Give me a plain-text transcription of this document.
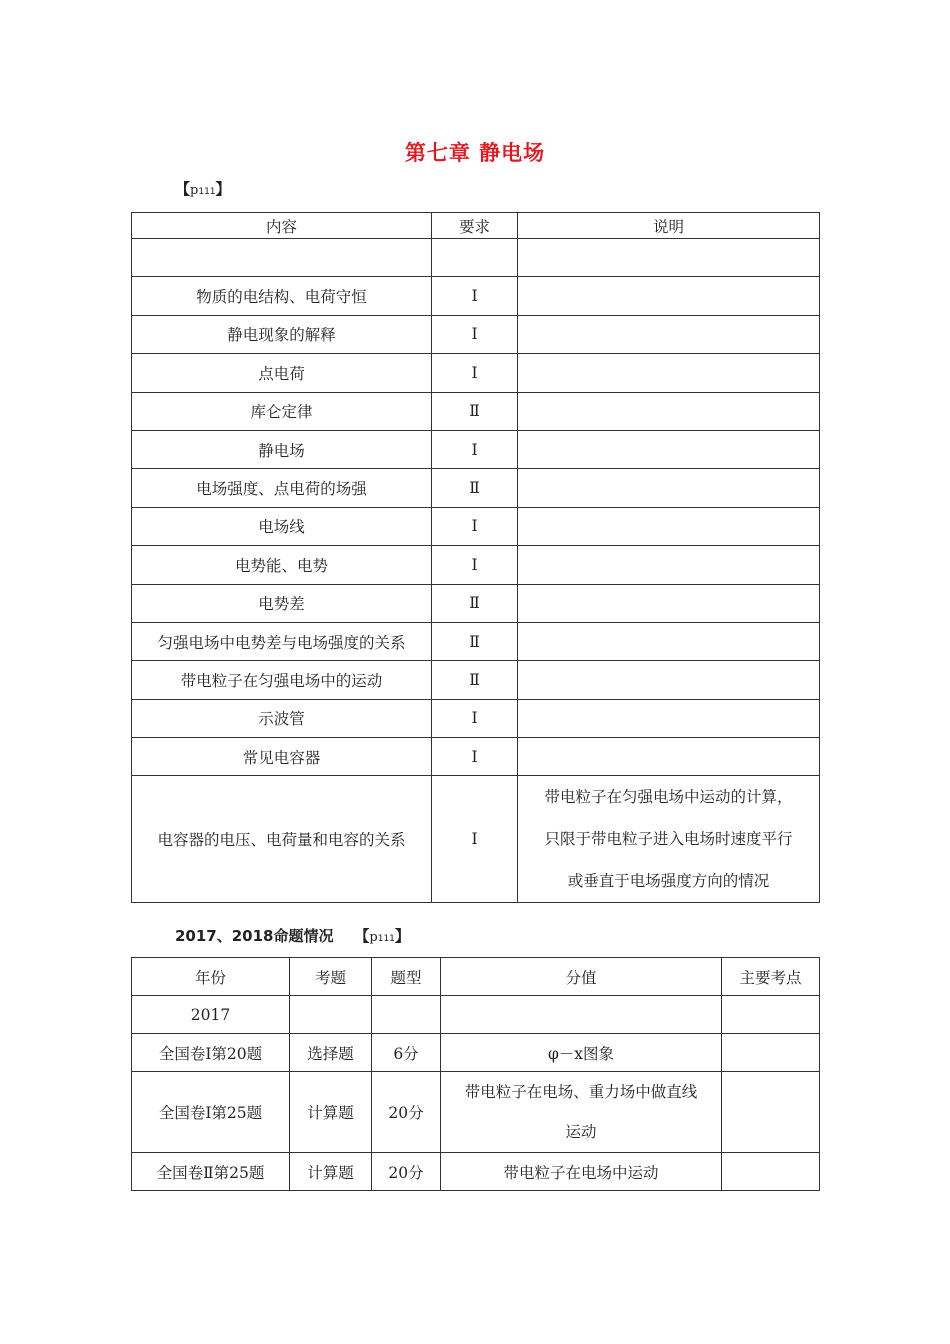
第七章 静电场
【p111】
内容	要求	说明

物质的电结构、电荷守恒	Ⅰ	
静电现象的解释	Ⅰ	
点电荷	Ⅰ	
库仑定律	Ⅱ	
静电场	Ⅰ	
电场强度、点电荷的场强	Ⅱ	
电场线	Ⅰ	
电势能、电势	Ⅰ	
电势差	Ⅱ	
匀强电场中电势差与电场强度的关系	Ⅱ	
带电粒子在匀强电场中的运动	Ⅱ	
示波管	Ⅰ	
常见电容器	Ⅰ	
电容器的电压、电荷量和电容的关系	Ⅰ	带电粒子在匀强电场中运动的计算，
只限于带电粒子进入电场时速度平行
或垂直于电场强度方向的情况
2017、2018命题情况 【p111】
年份	考题	题型	分值	主要考点
2017				
全国卷Ⅰ第20题	选择题	6分	φ－x图象	
全国卷Ⅰ第25题	计算题	20分	带电粒子在电场、重力场中做直线
运动	

全国卷Ⅱ第25题	计算题	20分	带电粒子在电场中运动	
